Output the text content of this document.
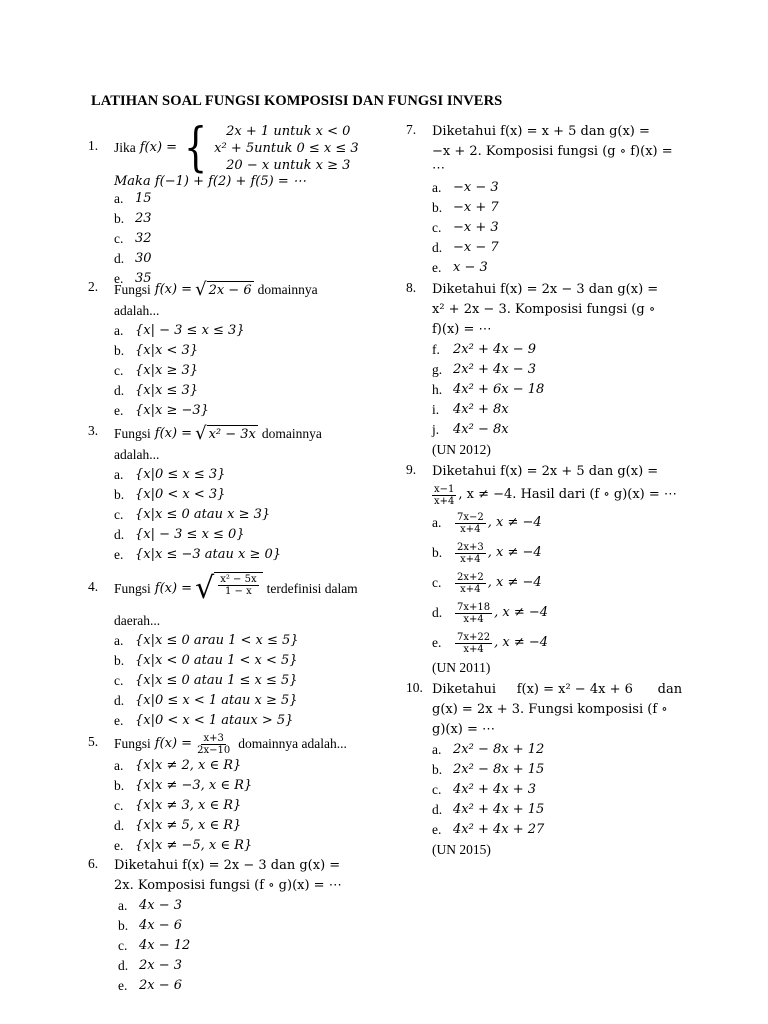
LATIHAN SOAL FUNGSI KOMPOSISI DAN FUNGSI INVERS
1. Jika f(x) = {	2x + 1 untuk x < 0
x² + 5untuk 0 ≤ x ≤ 3
20 − x untuk x ≥ 3
Maka f(−1) + f(2) + f(5) = ⋯
a. 15
b. 23
c. 32
d. 30
e. 35
2. Fungsi f(x) = √ 2x − 6 domainnya
adalah...
a. {x| − 3 ≤ x ≤ 3}
b. {x|x < 3}
c. {x|x ≥ 3}
d. {x|x ≤ 3}
e. {x|x ≥ −3}
3. Fungsi f(x) = √ x² − 3x domainnya
adalah...
a. {x|0 ≤ x ≤ 3}
b. {x|0 < x < 3}
c. {x|x ≤ 0 atau x ≥ 3}
d. {x| − 3 ≤ x ≤ 0}
e. {x|x ≤ −3 atau x ≥ 0}
4. Fungsi f(x) = √ $\frac{\text{x² − 5x}}{1 - x}$ terdefinisi dalam
daerah...
a. {x|x ≤ 0 arau 1 < x ≤ 5}
b. {x|x < 0 atau 1 < x < 5}
c. {x|x ≤ 0 atau 1 ≤ x ≤ 5}
d. {x|0 ≤ x < 1 atau x ≥ 5}
e. {x|0 < x < 1 ataux > 5}
5. Fungsi $f(x) = \frac{x+3}{2x-10}$ domainnya adalah...
a. {x|x ≠ 2, x ∈ R}
b. {x|x ≠ −3, x ∈ R}
c. {x|x ≠ 3, x ∈ R}
d. {x|x ≠ 5, x ∈ R}
e. {x|x ≠ −5, x ∈ R}
6. Diketahui f(x) = 2x − 3 dan g(x) =
2x. Komposisi fungsi (f ∘ g)(x) = ⋯
a. 4x − 3
b. 4x − 6
c. 4x − 12
d. 2x − 3
e. 2x − 6
7. Diketahui f(x) = x + 5 dan g(x) =
−x + 2. Komposisi fungsi (g ∘ f)(x) =
⋯
a. −x − 3
b. −x + 7
c. −x + 3
d. −x − 7
e. x − 3
8. Diketahui f(x) = 2x − 3 dan g(x) =
x² + 2x − 3. Komposisi fungsi (g ∘
f)(x) = ⋯
f.	2x² + 4x − 9
g. 2x² + 4x − 3
h. 4x² + 6x − 18
i.	4x² + 8x
j.	4x² − 8x
(UN 2012)
9. Diketahui f(x) = 2x + 5 dan g(x) =
$\frac{x-1}{x+4}$ , x ≠ −4. Hasil dari (f ∘ g)(x) = ⋯
a.	$\frac{7x-2}{x+4}$ , x ≠ −4
b.	$\frac{2x+3}{x+4}$ , x ≠ −4
c.	$\frac{2x+2}{x+4}$ , x ≠ −4
d.	$\frac{7x+18}{x+4}$ , x ≠ −4
e.	$\frac{7x+22}{x+4}$ , x ≠ −4
(UN 2011)
10. Diketahui     f(x) = x² − 4x + 6      dan
g(x) = 2x + 3. Fungsi komposisi (f ∘
g)(x) = ⋯
a. 2x² − 8x + 12
b. 2x² − 8x + 15
c. 4x² + 4x + 3
d. 4x² + 4x + 15
e. 4x² + 4x + 27
(UN 2015)
